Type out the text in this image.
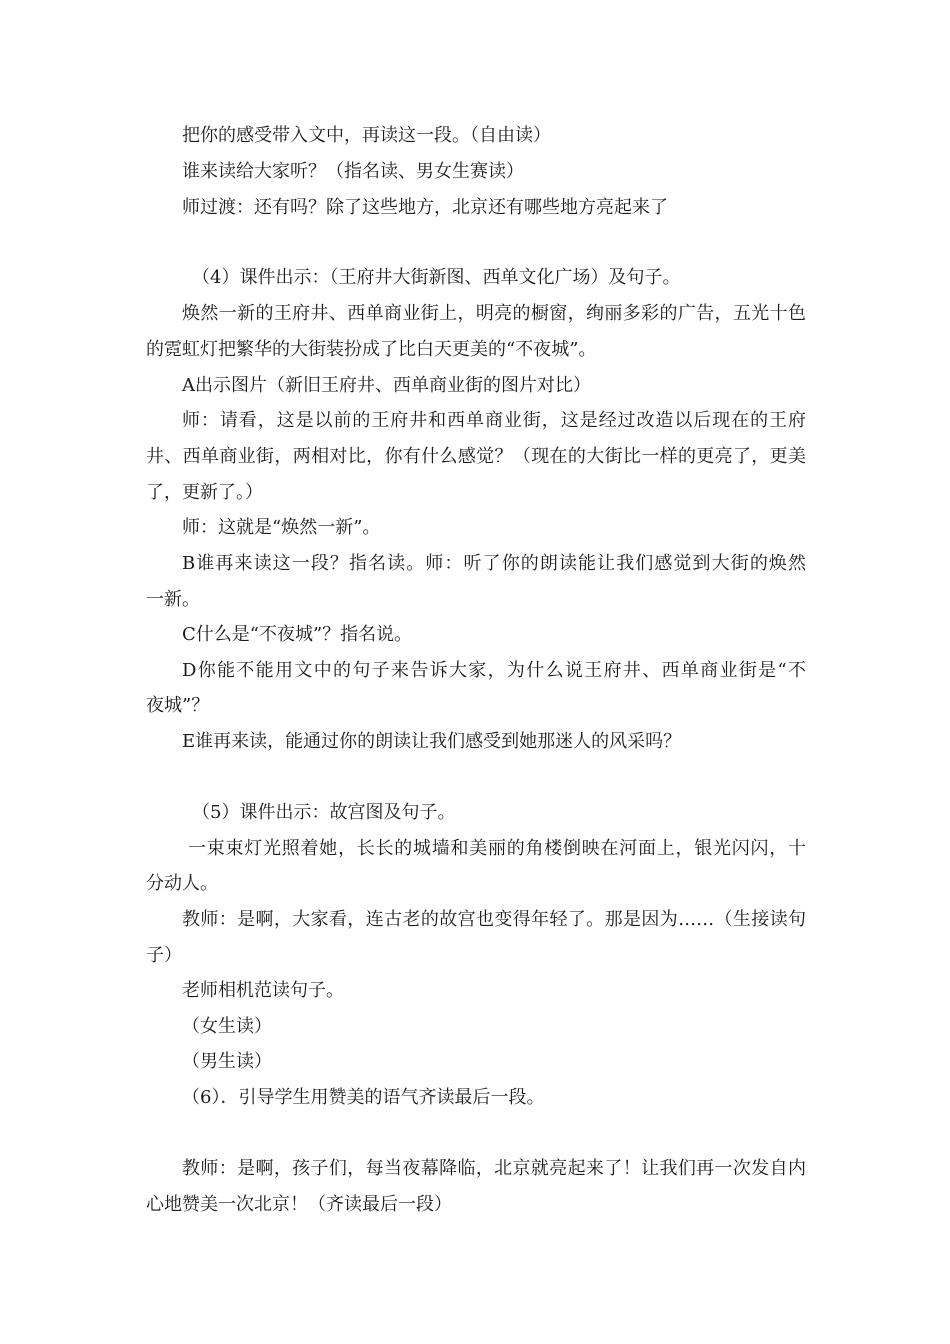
把你的感受带入文中，再读这一段。（自由读）
谁来读给大家听？（指名读、男女生赛读）
师过渡：还有吗？除了这些地方，北京还有哪些地方亮起来了
（4）课件出示：（王府井大街新图、西单文化广场）及句子。
焕然一新的王府井、西单商业街上，明亮的橱窗，绚丽多彩的广告，五光十色
的霓虹灯把繁华的大街装扮成了比白天更美的“不夜城”。
A出示图片（新旧王府井、西单商业街的图片对比）
师：请看，这是以前的王府井和西单商业街，这是经过改造以后现在的王府
井、西单商业街，两相对比，你有什么感觉？（现在的大街比一样的更亮了，更美
了，更新了。）
师：这就是“焕然一新”。
B谁再来读这一段？指名读。师：听了你的朗读能让我们感觉到大街的焕然
一新。
C什么是“不夜城”？指名说。
D你能不能用文中的句子来告诉大家，为什么说王府井、西单商业街是“不
夜城”？
E谁再来读，能通过你的朗读让我们感受到她那迷人的风采吗？
（5）课件出示：故宫图及句子。
一束束灯光照着她，长长的城墙和美丽的角楼倒映在河面上，银光闪闪，十
分动人。
教师：是啊，大家看，连古老的故宫也变得年轻了。那是因为……（生接读句
子）
老师相机范读句子。
（女生读）
（男生读）
（6）．引导学生用赞美的语气齐读最后一段。
教师：是啊，孩子们，每当夜幕降临，北京就亮起来了！让我们再一次发自内
心地赞美一次北京！（齐读最后一段）
